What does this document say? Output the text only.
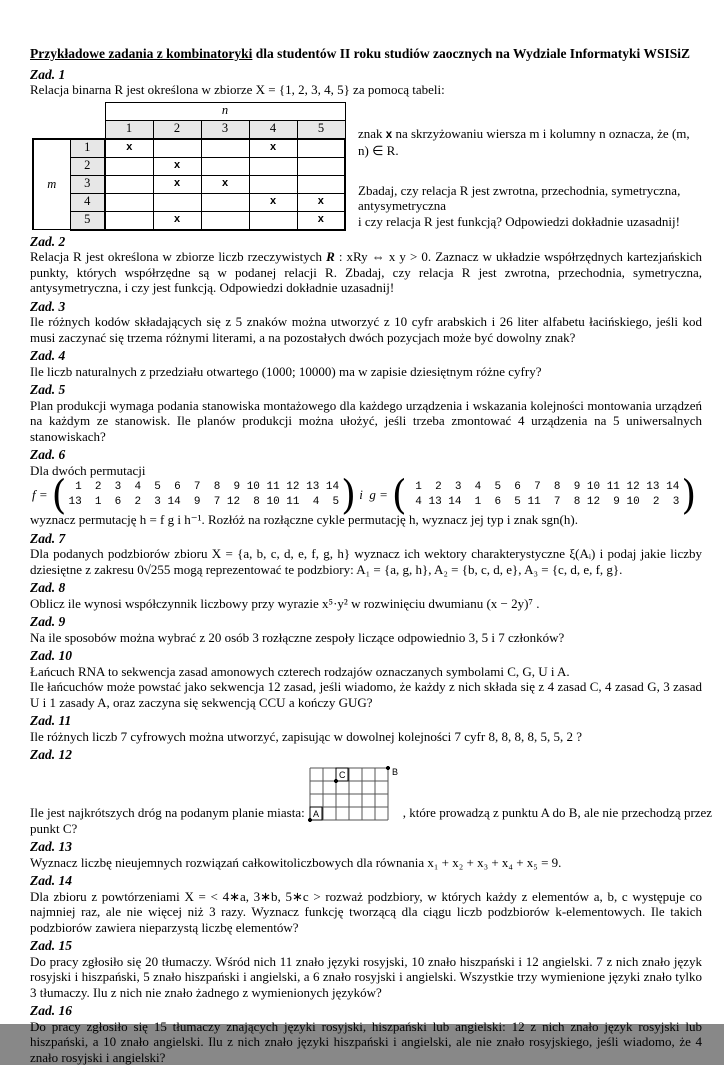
Przykładowe zadania z kombinatoryki dla studentów II roku studiów zaocznych na Wydziale Informatyki WSISiZ

Zad. 1

Relacja binarna R jest określona w zbiorze X = {1, 2, 3, 4, 5} za pomocą tabeli:

		n				
		1	2	3	4	5
m	1	x			x	
	2		x			
	3		x	x		
	4				x	x
	5		x			x

znak x na skrzyżowaniu wiersza m i kolumny n oznacza, że (m, n) ∈ R.

Zbadaj, czy relacja R jest zwrotna, przechodnia, symetryczna, antysymetryczna
i czy relacja R jest funkcją? Odpowiedzi dokładnie uzasadnij!

Zad. 2

Relacja R jest określona w zbiorze liczb rzeczywistych R : xRy ⇔ x y > 0. Zaznacz w układzie współrzędnych kartezjańskich punkty, których współrzędne są w podanej relacji R. Zbadaj, czy relacja R jest zwrotna, przechodnia, symetryczna, antysymetryczna, i czy jest funkcją. Odpowiedzi dokładnie uzasadnij!

Zad. 3

Ile różnych kodów składających się z 5 znaków można utworzyć z 10 cyfr arabskich i 26 liter alfabetu łacińskiego, jeśli kod musi zaczynać się trzema różnymi literami, a na pozostałych dwóch pozycjach może być dowolny znak?

Zad. 4

Ile liczb naturalnych z przedziału otwartego (1000; 10000) ma w zapisie dziesiętnym różne cyfry?

Zad. 5

Plan produkcji wymaga podania stanowiska montażowego dla każdego urządzenia i wskazania kolejności montowania urządzeń na każdym ze stanowisk. Ile planów produkcji można ułożyć, jeśli trzeba zmontować 4 urządzenia na 5 uniwersalnych stanowiskach?

Zad. 6

Dla dwóch permutacji

f = ( 1  2  3  4  5  6  7  8  9 10 11 12 13 14
13  1  6  2  3 14  9  7 12  8 10 11  4  5 ) i  g = ( 1  2  3  4  5  6  7  8  9 10 11 12 13 14
4 13 14  1  6  5 11  7  8 12  9 10  2  3 )

wyznacz permutację h = f g i h⁻¹. Rozłóż na rozłączne cykle permutację h, wyznacz jej typ i znak sgn(h).

Zad. 7

Dla podanych podzbiorów zbioru X = {a, b, c, d, e, f, g, h} wyznacz ich wektory charakterystyczne ξ(Aᵢ) i podaj jakie liczby dziesiętne z zakresu 0√255 mogą reprezentować te podzbiory: A₁ = {a, g, h}, A₂ = {b, c, d, e}, A₃ = {c, d, e, f, g}.

Zad. 8

Oblicz ile wynosi współczynnik liczbowy przy wyrazie x⁵·y² w rozwinięciu dwumianu (x − 2y)⁷ .

Zad. 9

Na ile sposobów można wybrać z 20 osób 3 rozłączne zespoły liczące odpowiednio 3, 5 i 7 członków?

Zad. 10

Łańcuch RNA to sekwencja zasad amonowych czterech rodzajów oznaczanych symbolami C, G, U i A.

Ile łańcuchów może powstać jako sekwencja 12 zasad, jeśli wiadomo, że każdy z nich składa się z 4 zasad C, 4 zasad G, 3 zasad U i 1 zasady A, oraz zaczyna się sekwencją CCU a kończy GUG?

Zad. 11

Ile różnych liczb 7 cyfrowych można utworzyć, zapisując w dowolnej kolejności 7 cyfr 8, 8, 8, 8, 5, 5, 2 ?

Zad. 12

Ile jest najkrótszych dróg na podanym planie miasta:

C
A
B

, które prowadzą z punktu A do B, ale nie przechodzą przez

punkt C?

Zad. 13

Wyznacz liczbę nieujemnych rozwiązań całkowitoliczbowych dla równania x₁ + x₂ + x₃ + x₄ + x₅ = 9.

Zad. 14

Dla zbioru z powtórzeniami X = < 4∗a, 3∗b, 5∗c > rozważ podzbiory, w których każdy z elementów a, b, c występuje co najmniej raz, ale nie więcej niż 3 razy. Wyznacz funkcję tworzącą dla ciągu liczb podzbiorów k-elementowych. Ile takich podzbiorów zawiera nieparzystą liczbę elementów?

Zad. 15

Do pracy zgłosiło się 20 tłumaczy. Wśród nich 11 znało języki rosyjski, 10 znało hiszpański i 12 angielski. 7 z nich znało język rosyjski i hiszpański, 5 znało hiszpański i angielski, a 6 znało rosyjski i angielski. Wszystkie trzy wymienione języki znało tylko 3 tłumaczy. Ilu z nich nie znało żadnego z wymienionych języków?

Zad. 16

Do pracy zgłosiło się 15 tłumaczy znających języki rosyjski, hiszpański lub angielski: 12 z nich znało język rosyjski lub hiszpański, a 10 znało angielski. Ilu z nich znało języki hiszpański i angielski, ale nie znało rosyjskiego, jeśli wiadomo, że 4 znało rosyjski i angielski?
